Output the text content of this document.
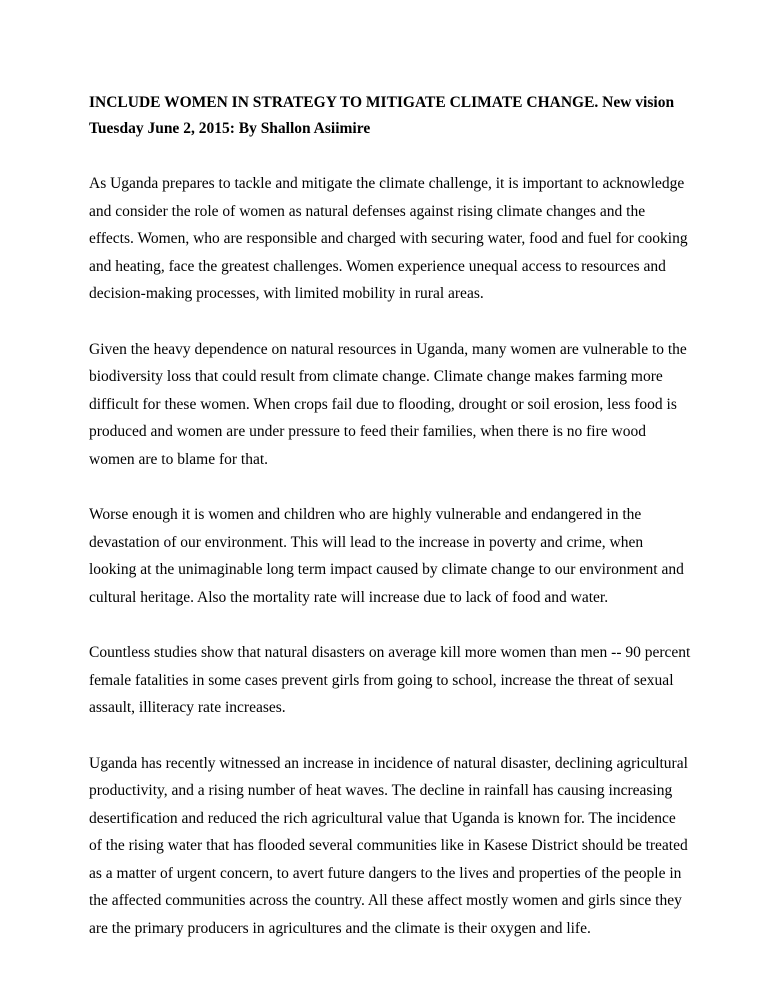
INCLUDE WOMEN IN STRATEGY TO MITIGATE CLIMATE CHANGE. New vision

Tuesday June 2, 2015: By Shallon Asiimire

As Uganda prepares to tackle and mitigate the climate challenge, it is important to acknowledge
and consider the role of women as natural defenses against rising climate changes and the
effects. Women, who are responsible and charged with securing water, food and fuel for cooking
and heating, face the greatest challenges. Women experience unequal access to resources and
decision-making processes, with limited mobility in rural areas.

Given the heavy dependence on natural resources in Uganda, many women are vulnerable to the
biodiversity loss that could result from climate change. Climate change makes farming more
difficult for these women. When crops fail due to flooding, drought or soil erosion, less food is
produced and women are under pressure to feed their families, when there is no fire wood
women are to blame for that.

Worse enough it is women and children who are highly vulnerable and endangered in the
devastation of our environment. This will lead to the increase in poverty and crime, when
looking at the unimaginable long term impact caused by climate change to our environment and
cultural heritage. Also the mortality rate will increase due to lack of food and water.

Countless studies show that natural disasters on average kill more women than men -- 90 percent
female fatalities in some cases prevent girls from going to school, increase the threat of sexual
assault, illiteracy rate increases.

Uganda has recently witnessed an increase in incidence of natural disaster, declining agricultural
productivity, and a rising number of heat waves. The decline in rainfall has causing increasing
desertification and reduced the rich agricultural value that Uganda is known for. The incidence
of the rising water that has flooded several communities like in Kasese District should be treated
as a matter of urgent concern, to avert future dangers to the lives and properties of the people in
the affected communities across the country. All these affect mostly women and girls since they
are the primary producers in agricultures and the climate is their oxygen and life.
